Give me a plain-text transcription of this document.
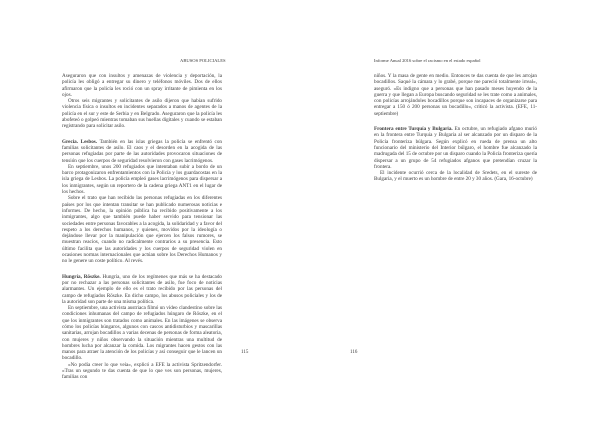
ABUSOS POLICIALES

Aseguraron que con insultos y amenazas de violencia y deportación, la policía les obligó a entregar su dinero y teléfonos móviles. Dos de ellos afirmaron que la policía les roció con un spray irritante de pimienta en los ojos.

Otros seis migrantes y solicitantes de asilo dijeron que habían sufrido violencia física o insultos en incidentes separados a manos de agentes de la policía en el sur y este de Serbia y en Belgrado. Aseguraron que la policía les abofeteó o golpeó mientras tomaban sus huellas digitales y cuando se estaban registrando para solicitar asilo.

Grecia. Lesbos. También en las islas griegas la policía se enfrentó con familias solicitantes de asilo. El caos y el desorden en la acogida de las personas refugiadas por parte de las autoridades provocaron situaciones de tensión que los cuerpos de seguridad resolvieron con gases lacrimógenos.

En septiembre, unos 200 refugiados que intentaban subir a bordo de un barco protagonizaron enfrentamientos con la Policía y los guardacostas en la isla griega de Lesbos. La policía empleó gases lacrimógenos para dispersar a los inmigrantes, según un reportero de la cadena griega ANT1 en el lugar de los hechos.

Sobre el trato que han recibido las personas refugiadas en los diferentes países por los que intentan transitar se han publicado numerosas noticias e informes. De hecho, la opinión pública ha recibido positivamente a los inmigrantes, algo que también puede haber servido para tensionar las sociedades entre personas favorables a la acogida, la solidaridad y a favor del respeto a los derechos humanos, y quienes, movidos por la ideología o dejándose llevar por la manipulación que ejercen los falsos rumores, se muestran reacios, cuando no radicalmente contrarios a su presencia. Esto último facilita que las autoridades y los cuerpos de seguridad violen en ocasiones normas internacionales que actúan sobre los Derechos Humanos y no le genere un coste político. Al revés.

Hungría, Röszke. Hungría, uno de los regímenes que más se ha destacado por no rechazar a las personas solicitantes de asilo, fue foco de noticias alarmantes. Un ejemplo de ello es el trato recibido por las personas del campo de refugiados Röszke. En dicho campo, los abusos policiales y los de la autoridad son parte de una misma política.

En septiembre, una activista austriaca filmó un vídeo clandestino sobre las condiciones inhumanas del campo de refugiados húngaro de Röszke, en el que los inmigrantes son tratados como animales. En las imágenes se observa cómo los policías húngaros, algunos con cascos antidisturbios y mascarillas sanitarias, arrojan bocadillos a varias decenas de personas de forma aleatoria, con mujeres y niños observando la situación mientras una multitud de hombres lucha por alcanzar la comida. Los migrantes hacen gestos con las manos para atraer la atención de los policías y así conseguir que le lancen un bocadillo.

«No podía creer lo que veía», explicó a EFE la activista Spritzendorfer. «Tras un segundo te das cuenta de que lo que ves son personas, mujeres, familias con

115
Informe Anual 2016 sobre el racismo en el estado español

niños. Y la masa de gente en medio. Entonces te das cuenta de que les arrojan bocadillos. Saqué la cámara y lo grabé, porque me pareció totalmente irreal», aseguró. «Es indigno que a personas que han pasado meses huyendo de la guerra y que llegan a Europa buscando seguridad se les trate como a animales, con policías arrojándoles bocadillos porque son incapaces de organizarse para entregar a 150 ó 200 personas un bocadillo», criticó la activista. (EFE, 11-septiembre)

Frontera entre Turquía y Bulgaria. En octubre, un refugiado afgano murió en la frontera entre Turquía y Bulgaria al ser alcanzado por un disparo de la Policía fronteriza búlgara. Según explicó en rueda de prensa un alto funcionario del ministerio del Interior búlgaro, el hombre fue alcanzado la madrugada del 15 de octubre por un disparo cuando la Policía fronteriza quería dispersar a un grupo de 54 refugiados afganos que pretendían cruzar la frontera.

El incidente ocurrió cerca de la localidad de Sredets, en el sureste de Bulgaria, y el muerto es un hombre de entre 20 y 30 años. (Gara, 16-octubre)

116
